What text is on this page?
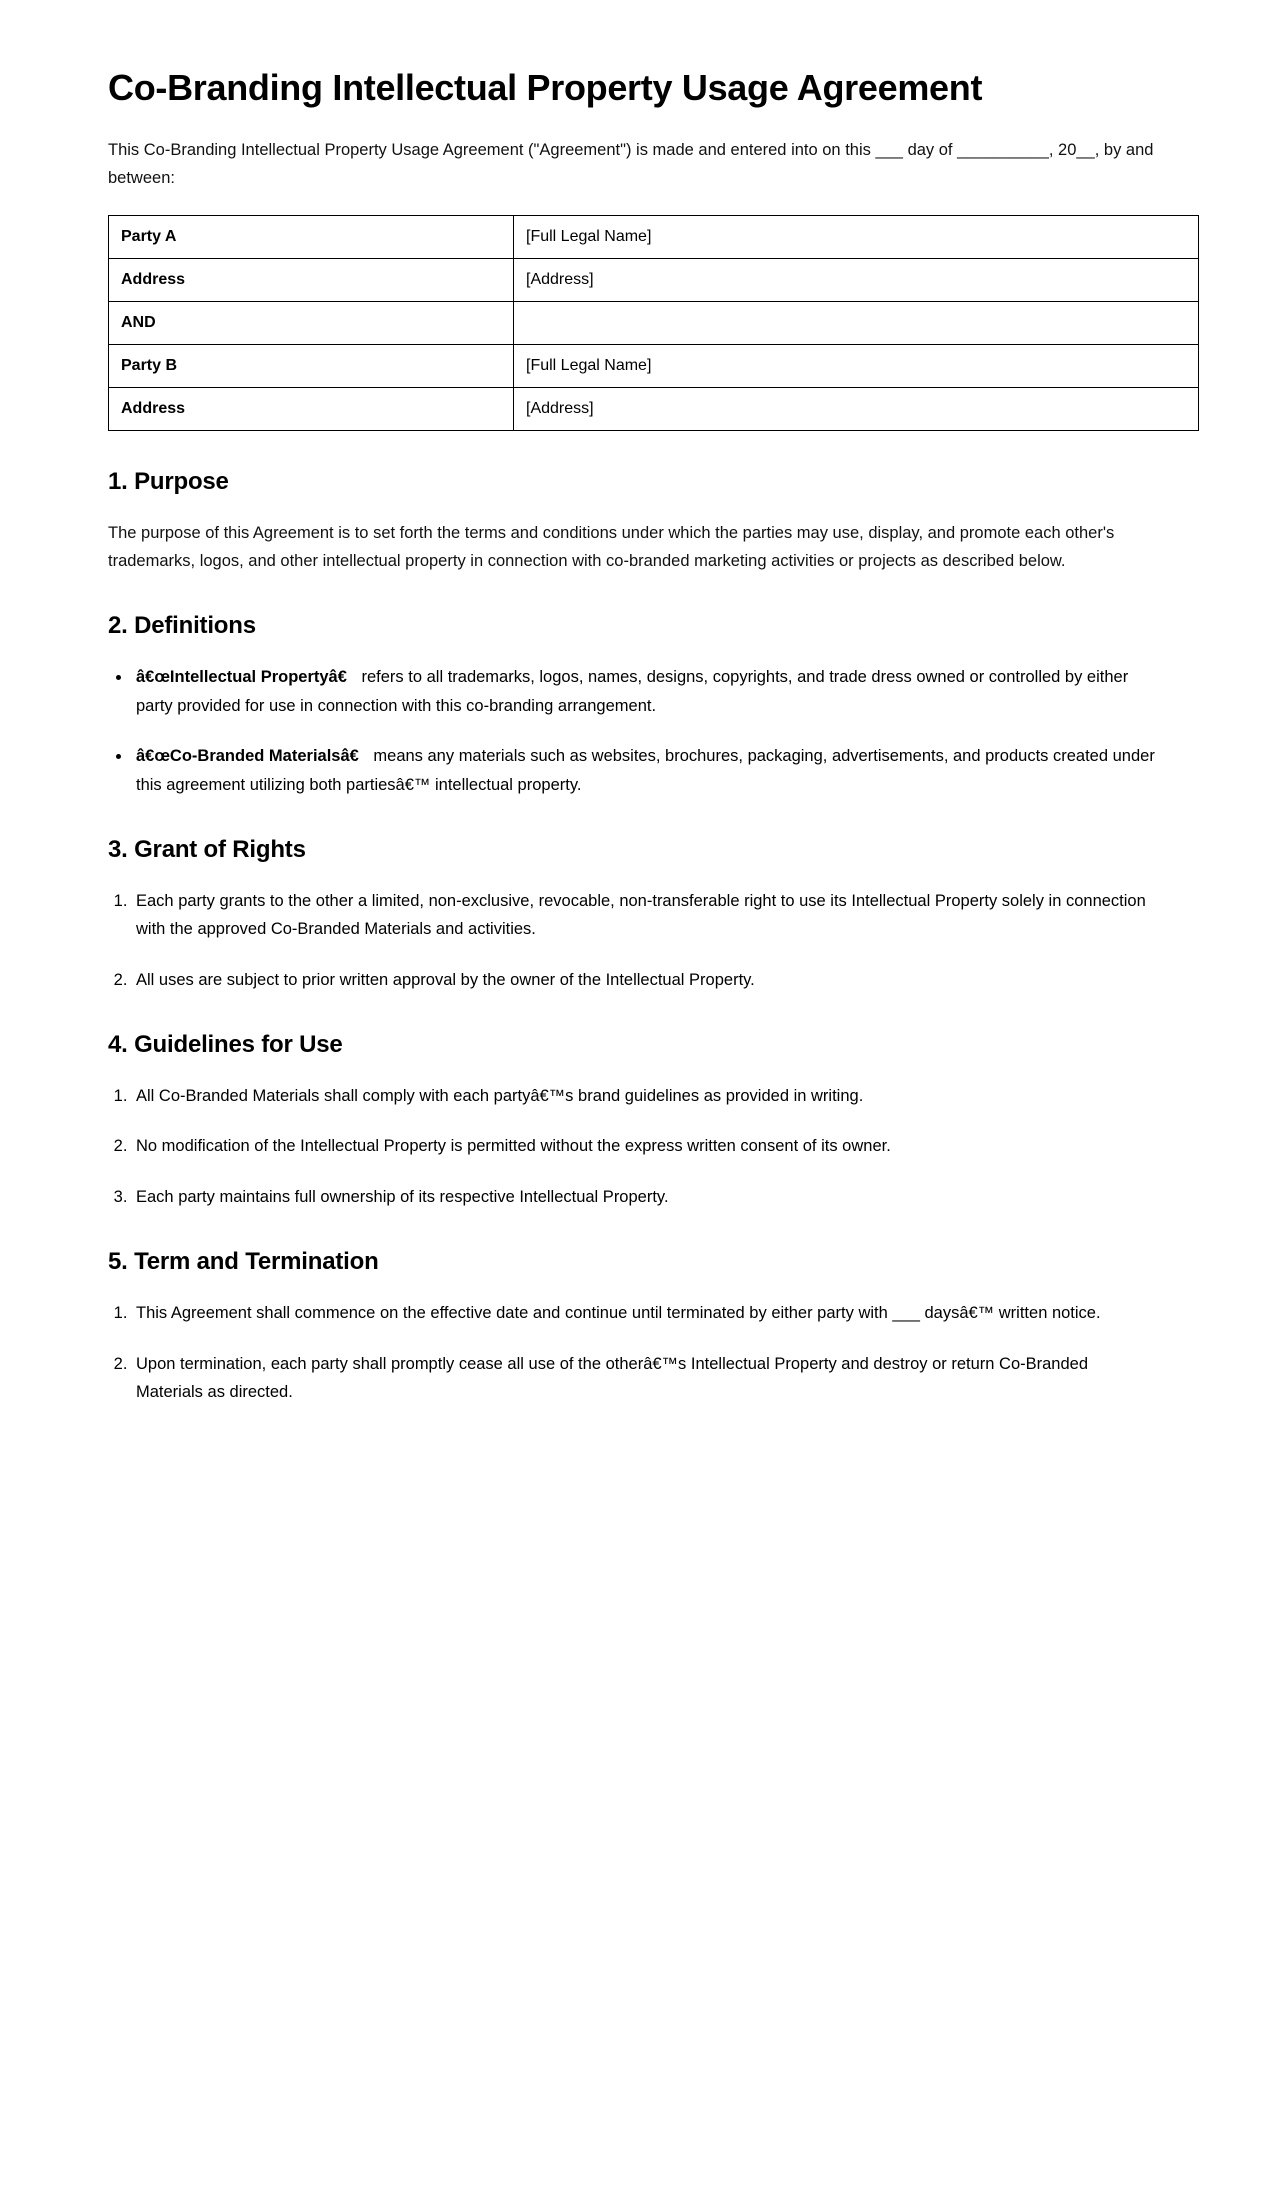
Co-Branding Intellectual Property Usage Agreement

This Co-Branding Intellectual Property Usage Agreement ("Agreement") is made and entered into on this ___ day of __________, 20__, by and between:

Party A	[Full Legal Name]
Address	[Address]
AND	
Party B	[Full Legal Name]
Address	[Address]
1. Purpose

The purpose of this Agreement is to set forth the terms and conditions under which the parties may use, display, and promote each other's trademarks, logos, and other intellectual property in connection with co-branded marketing activities or projects as described below.

2. Definitions
• â€œIntellectual Propertyâ€ refers to all trademarks, logos, names, designs, copyrights, and trade dress owned or controlled by either party provided for use in connection with this co-branding arrangement.
• â€œCo-Branded Materialsâ€ means any materials such as websites, brochures, packaging, advertisements, and products created under this agreement utilizing both partiesâ€™ intellectual property.
3. Grant of Rights
1. Each party grants to the other a limited, non-exclusive, revocable, non-transferable right to use its Intellectual Property solely in connection with the approved Co-Branded Materials and activities.
2. All uses are subject to prior written approval by the owner of the Intellectual Property.
4. Guidelines for Use
1. All Co-Branded Materials shall comply with each partyâ€™s brand guidelines as provided in writing.
2. No modification of the Intellectual Property is permitted without the express written consent of its owner.
3. Each party maintains full ownership of its respective Intellectual Property.
5. Term and Termination
1. This Agreement shall commence on the effective date and continue until terminated by either party with ___ daysâ€™ written notice.
2. Upon termination, each party shall promptly cease all use of the otherâ€™s Intellectual Property and destroy or return Co-Branded Materials as directed.
